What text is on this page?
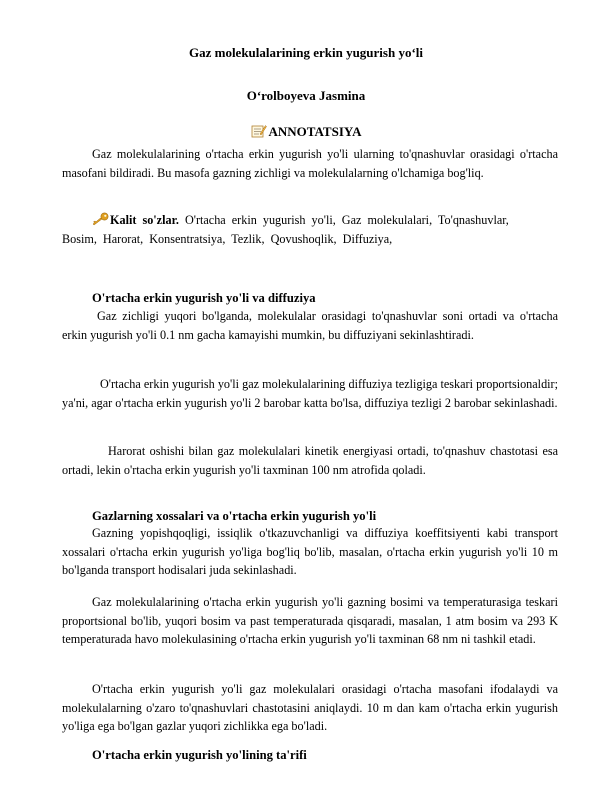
Gaz molekulalarining erkin yugurish yo‘li
O‘rolboyeva Jasmina
ANNOTATSIYA
Gaz molekulalarining o'rtacha erkin yugurish yo'li ularning to'qnashuvlar orasidagi o'rtacha masofani bildiradi. Bu masofa gazning zichligi va molekulalarning o'lchamiga bog'liq.
Kalit so'zlar. O'rtacha erkin yugurish yo'li, Gaz molekulalari, To'qnashuvlar,
Bosim, Harorat, Konsentratsiya, Tezlik, Qovushoqlik, Diffuziya,
O'rtacha erkin yugurish yo'li va diffuziya
Gaz zichligi yuqori bo'lganda, molekulalar orasidagi to'qnashuvlar soni ortadi va o'rtacha erkin yugurish yo'li 0.1 nm gacha kamayishi mumkin, bu diffuziyani sekinlashtiradi.
O'rtacha erkin yugurish yo'li gaz molekulalarining diffuziya tezligiga teskari proportsionaldir; ya'ni, agar o'rtacha erkin yugurish yo'li 2 barobar katta bo'lsa, diffuziya tezligi 2 barobar sekinlashadi.
Harorat oshishi bilan gaz molekulalari kinetik energiyasi ortadi, to'qnashuv chastotasi esa ortadi, lekin o'rtacha erkin yugurish yo'li taxminan 100 nm atrofida qoladi.
Gazlarning xossalari va o'rtacha erkin yugurish yo'li
Gazning yopishqoqligi, issiqlik o'tkazuvchanligi va diffuziya koeffitsiyenti kabi transport xossalari o'rtacha erkin yugurish yo'liga bog'liq bo'lib, masalan, o'rtacha erkin yugurish yo'li 10 m bo'lganda transport hodisalari juda sekinlashadi.
Gaz molekulalarining o'rtacha erkin yugurish yo'li gazning bosimi va temperaturasiga teskari proportsional bo'lib, yuqori bosim va past temperaturada qisqaradi, masalan, 1 atm bosim va 293 K temperaturada havo molekulasining o'rtacha erkin yugurish yo'li taxminan 68 nm ni tashkil etadi.
O'rtacha erkin yugurish yo'li gaz molekulalari orasidagi o'rtacha masofani ifodalaydi va molekulalarning o'zaro to'qnashuvlari chastotasini aniqlaydi. 10 m dan kam o'rtacha erkin yugurish yo'liga ega bo'lgan gazlar yuqori zichlikka ega bo'ladi.
O'rtacha erkin yugurish yo'lining ta'rifi
